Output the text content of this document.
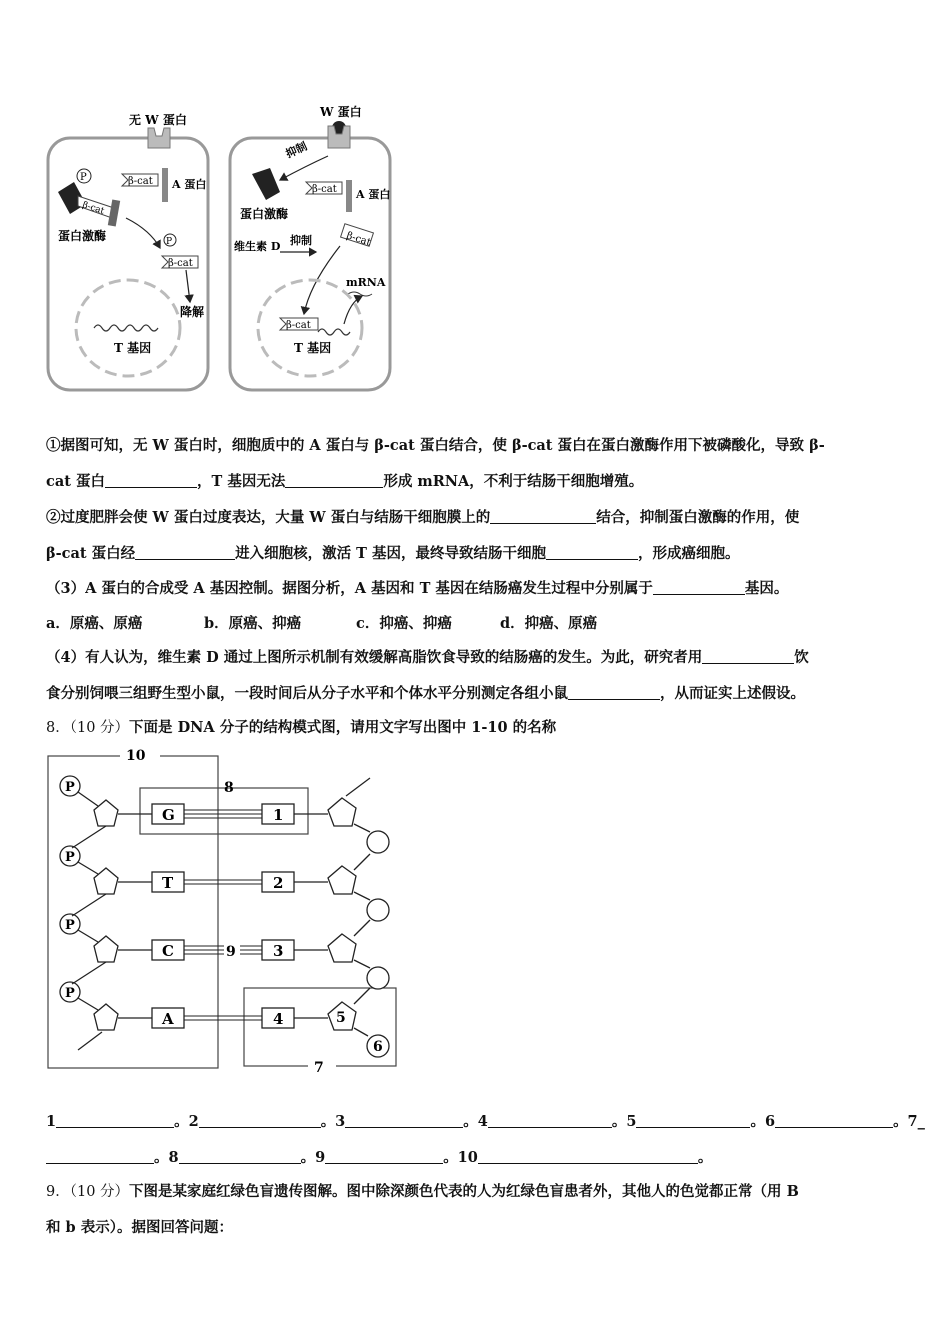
无 W 蛋白
A 蛋白
β-cat
P
β-cat
蛋白激酶	P
β-cat
降解
T 基因
W 蛋白
抑制
蛋白激酶
A 蛋白
β-cat
维生素 D 抑制	β-cat
mRNA
β-cat
T 基因
①据图可知，无 W 蛋白时，细胞质中的 A 蛋白与 β-cat 蛋白结合，使 β-cat 蛋白在蛋白激酶作用下被磷酸化，导致 β-
cat 蛋白	，T 基因无法	形成 mRNA，不利于结肠干细胞增殖。
②过度肥胖会使 W 蛋白过度表达，大量 W 蛋白与结肠干细胞膜上的	结合，抑制蛋白激酶的作用，使
β-cat 蛋白经	进入细胞核，激活 T 基因，最终导致结肠干细胞	，形成癌细胞。
（3）A 蛋白的合成受 A 基因控制。据图分析，A 基因和 T 基因在结肠癌发生过程中分别属于	基因。
a．原癌、原癌	b．原癌、抑癌	c．抑癌、抑癌	d．抑癌、原癌
（4）有人认为，维生素 D 通过上图所示机制有效缓解高脂饮食导致的结肠癌的发生。为此，研究者用	饮
食分别饲喂三组野生型小鼠，一段时间后从分子水平和个体水平分别测定各组小鼠	，从而证实上述假设。
8．（10 分）下面是 DNA 分子的结构模式图，请用文字写出图中 1-10 的名称
10
8
7
P
P
P
P
G
T
C
A
1
2
3
4
9
5
6
1	。2	。3	。4	。5	。6	。7_
。8	。9	。10	。
9．（10 分）下图是某家庭红绿色盲遗传图解。图中除深颜色代表的人为红绿色盲患者外，其他人的色觉都正常（用 B
和 b 表示）。据图回答问题：
